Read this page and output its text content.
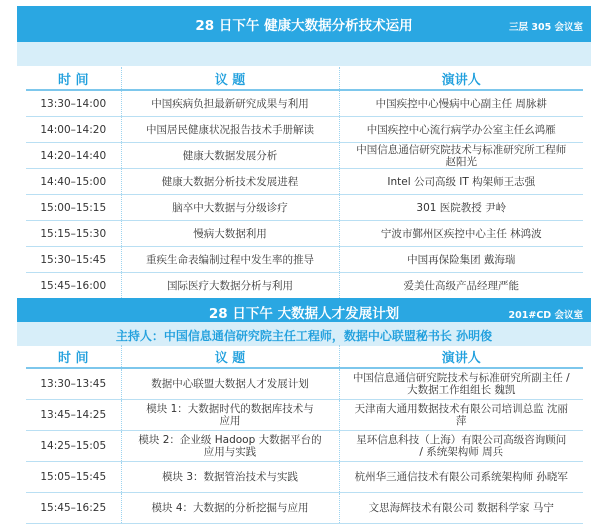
28 日下午 健康大数据分析技术运用	三层 305 会议室
时 间	议 题	演讲人
13:30–14:00	中国疾病负担最新研究成果与利用	中国疾控中心慢病中心副主任 周脉耕
14:00–14:20	中国居民健康状况报告技术手册解读	中国疾控中心流行病学办公室主任幺鸿雁
14:20–14:40	健康大数据发展分析	中国信息通信研究院技术与标准研究所工程师 赵阳光
14:40–15:00	健康大数据分析技术发展进程	Intel 公司高级 IT 构架师王志强
15:00–15:15	脑卒中大数据与分级诊疗	301 医院教授 尹岭
15:15–15:30	慢病大数据利用	宁波市鄞州区疾控中心主任 林鸿波
15:30–15:45	重疾生命表编制过程中发生率的推导	中国再保险集团 戴海瑞
15:45–16:00	国际医疗大数据分析与利用	爱美仕高级产品经理严能
28 日下午 大数据人才发展计划	201#CD 会议室
主持人：中国信息通信研究院主任工程师，数据中心联盟秘书长 孙明俊
时 间	议 题	演讲人
13:30–13:45	数据中心联盟大数据人才发展计划	中国信息通信研究院技术与标准研究所副主任 / 大数据工作组组长 魏凯
13:45–14:25	模块 1：大数据时代的数据库技术与应用	天津南大通用数据技术有限公司培训总监 沈丽萍
14:25–15:05	模块 2：企业级 Hadoop 大数据平台的应用与实践	星环信息科技（上海）有限公司高级咨询顾问 / 系统架构师 周兵
15:05–15:45	模块 3：数据管治技术与实践	杭州华三通信技术有限公司系统架构师 孙晓军
15:45–16:25	模块 4：大数据的分析挖掘与应用	文思海辉技术有限公司 数据科学家 马宁
